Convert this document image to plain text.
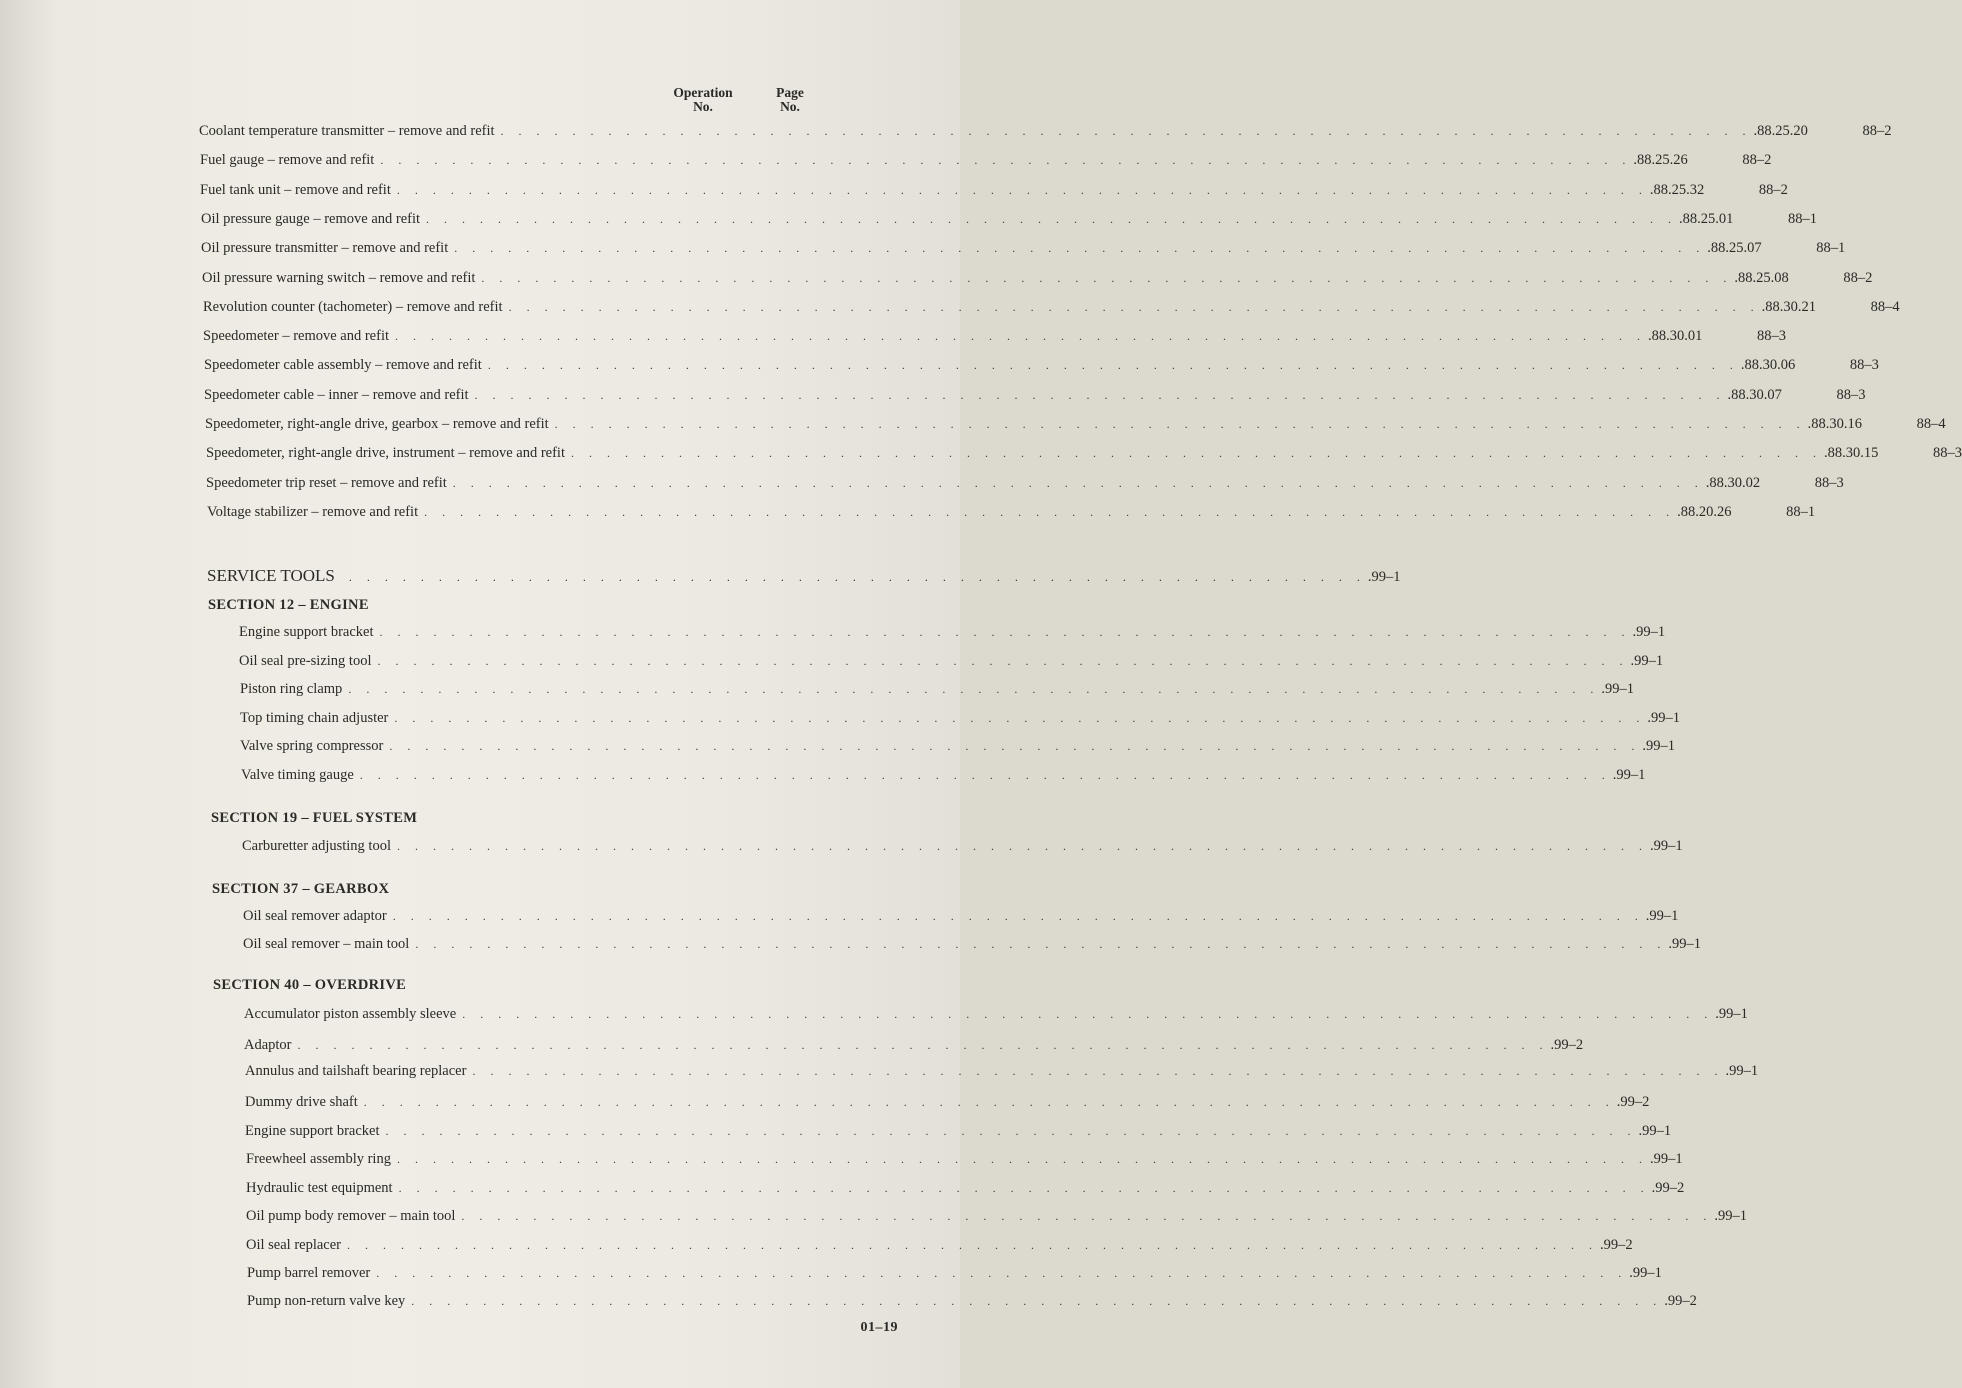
Operation
No.
Page
No.
Coolant temperature transmitter – remove and refit . . . . . . . . . . . . . . . . . . . . . . . . . . . . . . . . . . . . . . . . . . . . . . . . . . . . . . . . . . . . . . . . . . . . . . .88.25.20	88–2
Fuel gauge – remove and refit . . . . . . . . . . . . . . . . . . . . . . . . . . . . . . . . . . . . . . . . . . . . . . . . . . . . . . . . . . . . . . . . . . . . . . .88.25.26	88–2
Fuel tank unit – remove and refit . . . . . . . . . . . . . . . . . . . . . . . . . . . . . . . . . . . . . . . . . . . . . . . . . . . . . . . . . . . . . . . . . . . . . . .88.25.32	88–2
Oil pressure gauge – remove and refit . . . . . . . . . . . . . . . . . . . . . . . . . . . . . . . . . . . . . . . . . . . . . . . . . . . . . . . . . . . . . . . . . . . . . . .88.25.01	88–1
Oil pressure transmitter – remove and refit . . . . . . . . . . . . . . . . . . . . . . . . . . . . . . . . . . . . . . . . . . . . . . . . . . . . . . . . . . . . . . . . . . . . . . .88.25.07	88–1
Oil pressure warning switch – remove and refit . . . . . . . . . . . . . . . . . . . . . . . . . . . . . . . . . . . . . . . . . . . . . . . . . . . . . . . . . . . . . . . . . . . . . . .88.25.08	88–2
Revolution counter (tachometer) – remove and refit . . . . . . . . . . . . . . . . . . . . . . . . . . . . . . . . . . . . . . . . . . . . . . . . . . . . . . . . . . . . . . . . . . . . . . .88.30.21	88–4
Speedometer – remove and refit . . . . . . . . . . . . . . . . . . . . . . . . . . . . . . . . . . . . . . . . . . . . . . . . . . . . . . . . . . . . . . . . . . . . . . .88.30.01	88–3
Speedometer cable assembly – remove and refit . . . . . . . . . . . . . . . . . . . . . . . . . . . . . . . . . . . . . . . . . . . . . . . . . . . . . . . . . . . . . . . . . . . . . . .88.30.06	88–3
Speedometer cable – inner – remove and refit . . . . . . . . . . . . . . . . . . . . . . . . . . . . . . . . . . . . . . . . . . . . . . . . . . . . . . . . . . . . . . . . . . . . . . .88.30.07	88–3
Speedometer, right-angle drive, gearbox – remove and refit . . . . . . . . . . . . . . . . . . . . . . . . . . . . . . . . . . . . . . . . . . . . . . . . . . . . . . . . . . . . . . . . . . . . . . .88.30.16	88–4
Speedometer, right-angle drive, instrument – remove and refit . . . . . . . . . . . . . . . . . . . . . . . . . . . . . . . . . . . . . . . . . . . . . . . . . . . . . . . . . . . . . . . . . . . . . . .88.30.15	88–3
Speedometer trip reset – remove and refit . . . . . . . . . . . . . . . . . . . . . . . . . . . . . . . . . . . . . . . . . . . . . . . . . . . . . . . . . . . . . . . . . . . . . . .88.30.02	88–3
Voltage stabilizer – remove and refit . . . . . . . . . . . . . . . . . . . . . . . . . . . . . . . . . . . . . . . . . . . . . . . . . . . . . . . . . . . . . . . . . . . . . . .88.20.26	88–1
SERVICE TOOLS . . . . . . . . . . . . . . . . . . . . . . . . . . . . . . . . . . . . . . . . . . . . . . . . . . . . . . . . . .99–1
SECTION 12 – ENGINE
Engine support bracket . . . . . . . . . . . . . . . . . . . . . . . . . . . . . . . . . . . . . . . . . . . . . . . . . . . . . . . . . . . . . . . . . . . . . . .99–1
Oil seal pre-sizing tool . . . . . . . . . . . . . . . . . . . . . . . . . . . . . . . . . . . . . . . . . . . . . . . . . . . . . . . . . . . . . . . . . . . . . . .99–1
Piston ring clamp . . . . . . . . . . . . . . . . . . . . . . . . . . . . . . . . . . . . . . . . . . . . . . . . . . . . . . . . . . . . . . . . . . . . . . .99–1
Top timing chain adjuster . . . . . . . . . . . . . . . . . . . . . . . . . . . . . . . . . . . . . . . . . . . . . . . . . . . . . . . . . . . . . . . . . . . . . . .99–1
Valve spring compressor . . . . . . . . . . . . . . . . . . . . . . . . . . . . . . . . . . . . . . . . . . . . . . . . . . . . . . . . . . . . . . . . . . . . . . .99–1
Valve timing gauge . . . . . . . . . . . . . . . . . . . . . . . . . . . . . . . . . . . . . . . . . . . . . . . . . . . . . . . . . . . . . . . . . . . . . . .99–1
SECTION 19 – FUEL SYSTEM
Carburetter adjusting tool . . . . . . . . . . . . . . . . . . . . . . . . . . . . . . . . . . . . . . . . . . . . . . . . . . . . . . . . . . . . . . . . . . . . . . .99–1
SECTION 37 – GEARBOX
Oil seal remover adaptor . . . . . . . . . . . . . . . . . . . . . . . . . . . . . . . . . . . . . . . . . . . . . . . . . . . . . . . . . . . . . . . . . . . . . . .99–1
Oil seal remover – main tool . . . . . . . . . . . . . . . . . . . . . . . . . . . . . . . . . . . . . . . . . . . . . . . . . . . . . . . . . . . . . . . . . . . . . . .99–1
SECTION 40 – OVERDRIVE
Accumulator piston assembly sleeve . . . . . . . . . . . . . . . . . . . . . . . . . . . . . . . . . . . . . . . . . . . . . . . . . . . . . . . . . . . . . . . . . . . . . . .99–1
Adaptor . . . . . . . . . . . . . . . . . . . . . . . . . . . . . . . . . . . . . . . . . . . . . . . . . . . . . . . . . . . . . . . . . . . . . . .99–2
Annulus and tailshaft bearing replacer . . . . . . . . . . . . . . . . . . . . . . . . . . . . . . . . . . . . . . . . . . . . . . . . . . . . . . . . . . . . . . . . . . . . . . .99–1
Dummy drive shaft . . . . . . . . . . . . . . . . . . . . . . . . . . . . . . . . . . . . . . . . . . . . . . . . . . . . . . . . . . . . . . . . . . . . . . .99–2
Engine support bracket . . . . . . . . . . . . . . . . . . . . . . . . . . . . . . . . . . . . . . . . . . . . . . . . . . . . . . . . . . . . . . . . . . . . . . .99–1
Freewheel assembly ring . . . . . . . . . . . . . . . . . . . . . . . . . . . . . . . . . . . . . . . . . . . . . . . . . . . . . . . . . . . . . . . . . . . . . . .99–1
Hydraulic test equipment . . . . . . . . . . . . . . . . . . . . . . . . . . . . . . . . . . . . . . . . . . . . . . . . . . . . . . . . . . . . . . . . . . . . . . .99–2
Oil pump body remover – main tool . . . . . . . . . . . . . . . . . . . . . . . . . . . . . . . . . . . . . . . . . . . . . . . . . . . . . . . . . . . . . . . . . . . . . . .99–1
Oil seal replacer . . . . . . . . . . . . . . . . . . . . . . . . . . . . . . . . . . . . . . . . . . . . . . . . . . . . . . . . . . . . . . . . . . . . . . .99–2
Pump barrel remover . . . . . . . . . . . . . . . . . . . . . . . . . . . . . . . . . . . . . . . . . . . . . . . . . . . . . . . . . . . . . . . . . . . . . . .99–1
Pump non-return valve key . . . . . . . . . . . . . . . . . . . . . . . . . . . . . . . . . . . . . . . . . . . . . . . . . . . . . . . . . . . . . . . . . . . . . . .99–2
01–19
